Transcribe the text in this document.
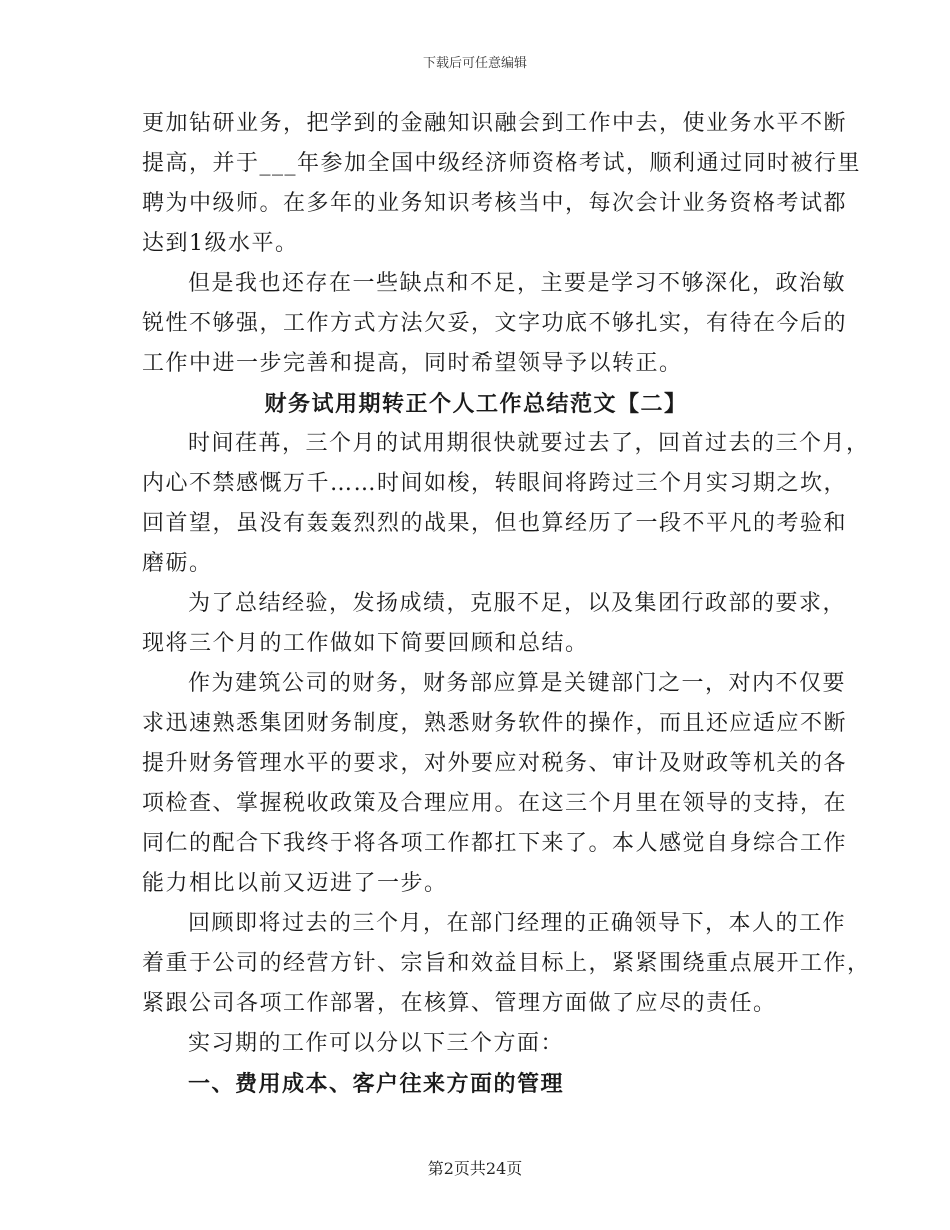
下载后可任意编辑
更加钻研业务，把学到的金融知识融会到工作中去，使业务水平不断
提高，并于___年参加全国中级经济师资格考试，顺利通过同时被行里
聘为中级师。在多年的业务知识考核当中，每次会计业务资格考试都
达到1级水平。
但是我也还存在一些缺点和不足，主要是学习不够深化，政治敏
锐性不够强，工作方式方法欠妥，文字功底不够扎实，有待在今后的
工作中进一步完善和提高，同时希望领导予以转正。
财务试用期转正个人工作总结范文【二】
时间荏苒，三个月的试用期很快就要过去了，回首过去的三个月，
内心不禁感慨万千……时间如梭，转眼间将跨过三个月实习期之坎，
回首望，虽没有轰轰烈烈的战果，但也算经历了一段不平凡的考验和
磨砺。
为了总结经验，发扬成绩，克服不足，以及集团行政部的要求，
现将三个月的工作做如下简要回顾和总结。
作为建筑公司的财务，财务部应算是关键部门之一，对内不仅要
求迅速熟悉集团财务制度，熟悉财务软件的操作，而且还应适应不断
提升财务管理水平的要求，对外要应对税务、审计及财政等机关的各
项检查、掌握税收政策及合理应用。在这三个月里在领导的支持，在
同仁的配合下我终于将各项工作都扛下来了。本人感觉自身综合工作
能力相比以前又迈进了一步。
回顾即将过去的三个月，在部门经理的正确领导下，本人的工作
着重于公司的经营方针、宗旨和效益目标上，紧紧围绕重点展开工作，
紧跟公司各项工作部署，在核算、管理方面做了应尽的责任。
实习期的工作可以分以下三个方面：
一、费用成本、客户往来方面的管理
第2页共24页
